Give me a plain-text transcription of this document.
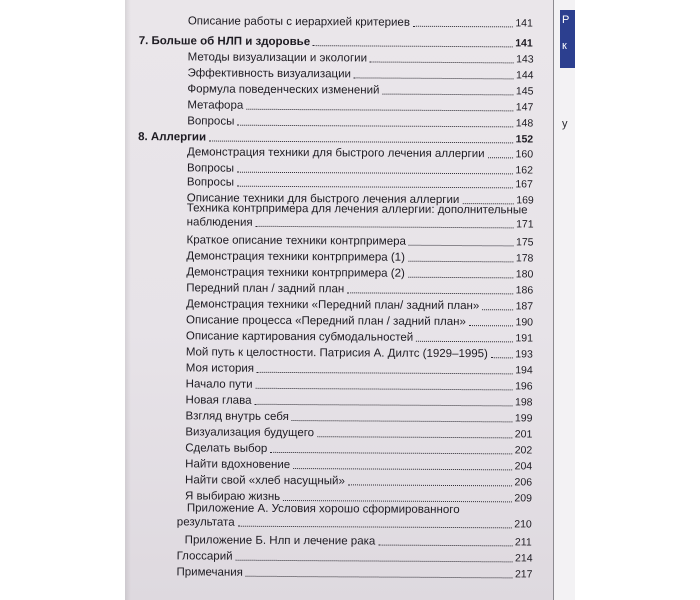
Описание работы с иерархией критериев	141
7. Больше об НЛП и здоровье	141
Методы визуализации и экологии	143
Эффективность визуализации	144
Формула поведенческих изменений	145
Метафора	147
Вопросы	148
8. Аллергии	152
Демонстрация техники для быстрого лечения аллергии	160
Вопросы	162
Вопросы	167
Описание техники для быстрого лечения аллергии	169
Техника контрпримера для лечения аллергии: дополнительные
наблюдения	171
Краткое описание техники контрпримера	175
Демонстрация техники контрпримера (1)	178
Демонстрация техники контрпримера (2)	180
Передний план / задний план	186
Демонстрация техники «Передний план/ задний план»	187
Описание процесса «Передний план / задний план»	190
Описание картирования субмодальностей	191
Мой путь к целостности. Патрисия А. Дилтс (1929–1995)	193
Моя история	194
Начало пути	196
Новая глава	198
Взгляд внутрь себя	199
Визуализация будущего	201
Сделать выбор	202
Найти вдохновение	204
Найти свой «хлеб насущный»	206
Я выбираю жизнь	209
Приложение А. Условия хорошо сформированного
результата	210
Приложение Б. Нлп и лечение рака	211
Глоссарий	214
Примечания	217
Р
к
у
